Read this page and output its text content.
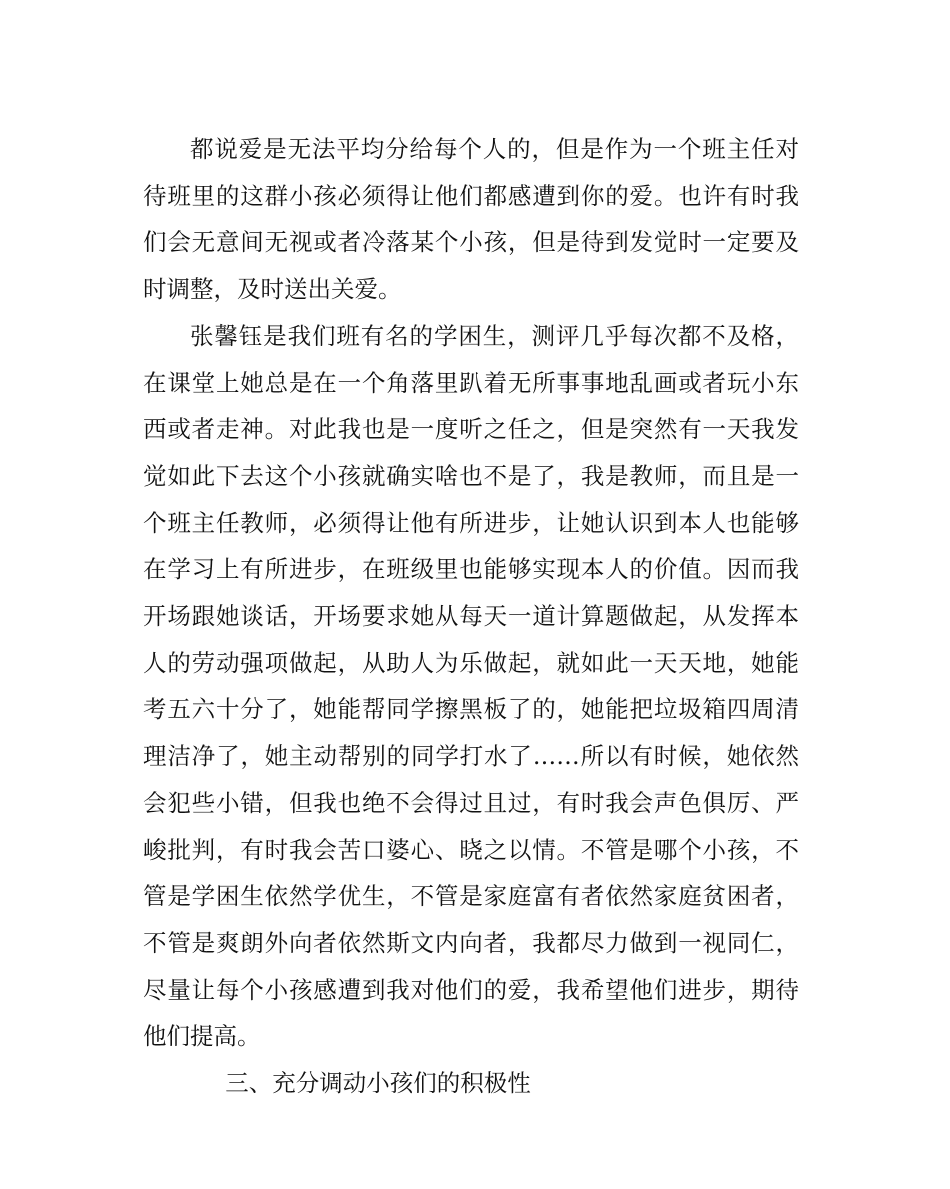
都说爱是无法平均分给每个人的，但是作为一个班主任对待班里的这群小孩必须得让他们都感遭到你的爱。也许有时我们会无意间无视或者冷落某个小孩，但是待到发觉时一定要及时调整，及时送出关爱。

张馨钰是我们班有名的学困生，测评几乎每次都不及格，在课堂上她总是在一个角落里趴着无所事事地乱画或者玩小东西或者走神。对此我也是一度听之任之，但是突然有一天我发觉如此下去这个小孩就确实啥也不是了，我是教师，而且是一个班主任教师，必须得让他有所进步，让她认识到本人也能够在学习上有所进步，在班级里也能够实现本人的价值。因而我开场跟她谈话，开场要求她从每天一道计算题做起，从发挥本人的劳动强项做起，从助人为乐做起，就如此一天天地，她能考五六十分了，她能帮同学擦黑板了的，她能把垃圾箱四周清理洁净了，她主动帮别的同学打水了……所以有时候，她依然会犯些小错，但我也绝不会得过且过，有时我会声色俱厉、严峻批判，有时我会苦口婆心、晓之以情。不管是哪个小孩，不管是学困生依然学优生，不管是家庭富有者依然家庭贫困者，不管是爽朗外向者依然斯文内向者，我都尽力做到一视同仁，尽量让每个小孩感遭到我对他们的爱，我希望他们进步，期待他们提高。

三、充分调动小孩们的积极性
